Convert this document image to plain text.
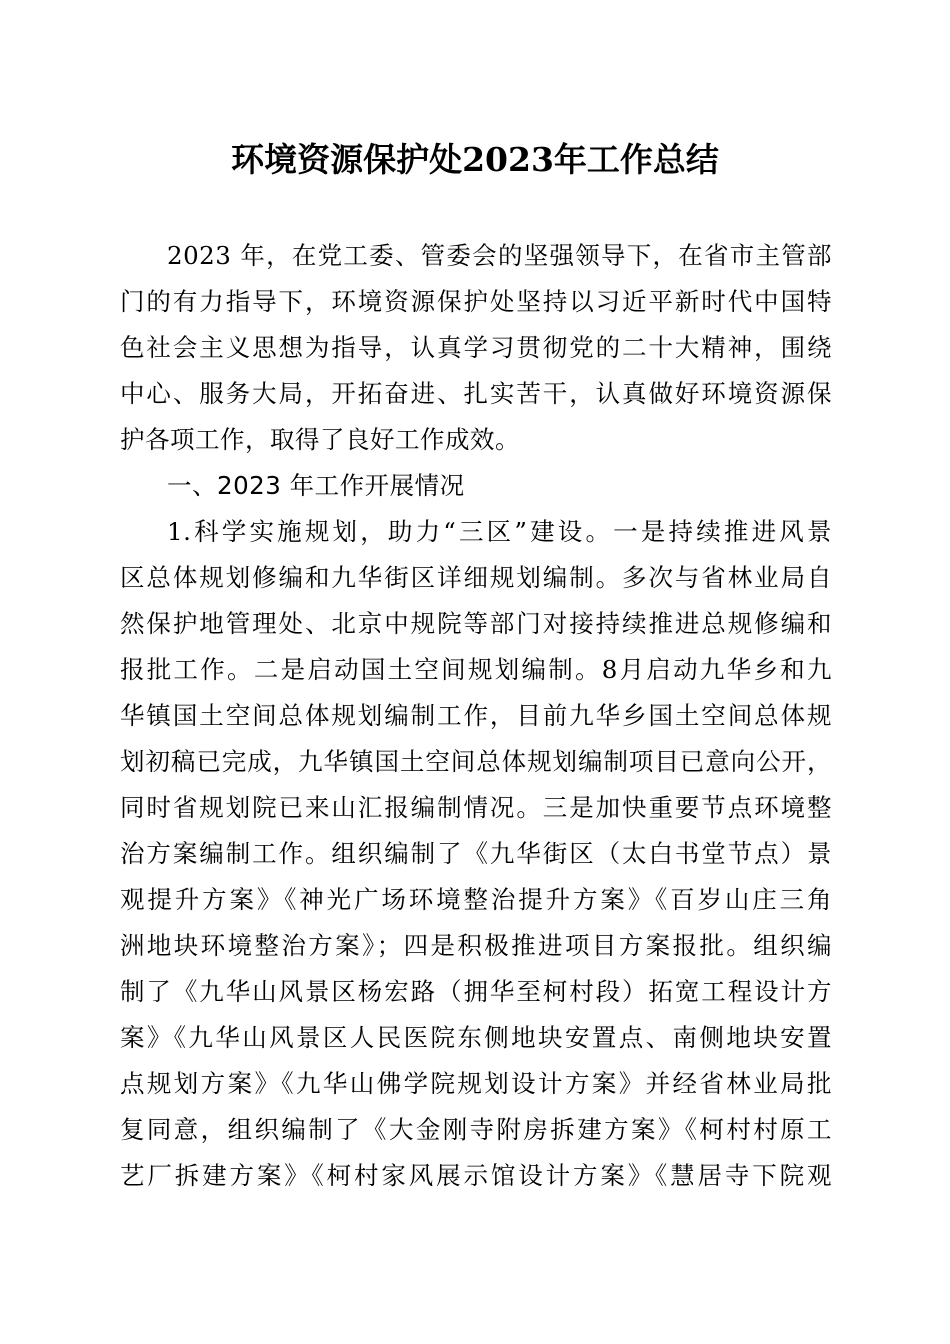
环境资源保护处2023年工作总结
2023 年，在党工委、管委会的坚强领导下，在省市主管部
门的有力指导下，环境资源保护处坚持以习近平新时代中国特
色社会主义思想为指导，认真学习贯彻党的二十大精神，围绕
中心、服务大局，开拓奋进、扎实苦干，认真做好环境资源保
护各项工作，取得了良好工作成效。
一、2023 年工作开展情况
1.科学实施规划，助力“三区”建设。一是持续推进风景
区总体规划修编和九华街区详细规划编制。多次与省林业局自
然保护地管理处、北京中规院等部门对接持续推进总规修编和
报批工作。二是启动国土空间规划编制。8月启动九华乡和九
华镇国土空间总体规划编制工作，目前九华乡国土空间总体规
划初稿已完成，九华镇国土空间总体规划编制项目已意向公开，
同时省规划院已来山汇报编制情况。三是加快重要节点环境整
治方案编制工作。组织编制了《九华街区（太白书堂节点）景
观提升方案》《神光广场环境整治提升方案》《百岁山庄三角
洲地块环境整治方案》；四是积极推进项目方案报批。组织编
制了《九华山风景区杨宏路（拥华至柯村段）拓宽工程设计方
案》《九华山风景区人民医院东侧地块安置点、南侧地块安置
点规划方案》《九华山佛学院规划设计方案》并经省林业局批
复同意，组织编制了《大金刚寺附房拆建方案》《柯村村原工
艺厂拆建方案》《柯村家风展示馆设计方案》《慧居寺下院观
